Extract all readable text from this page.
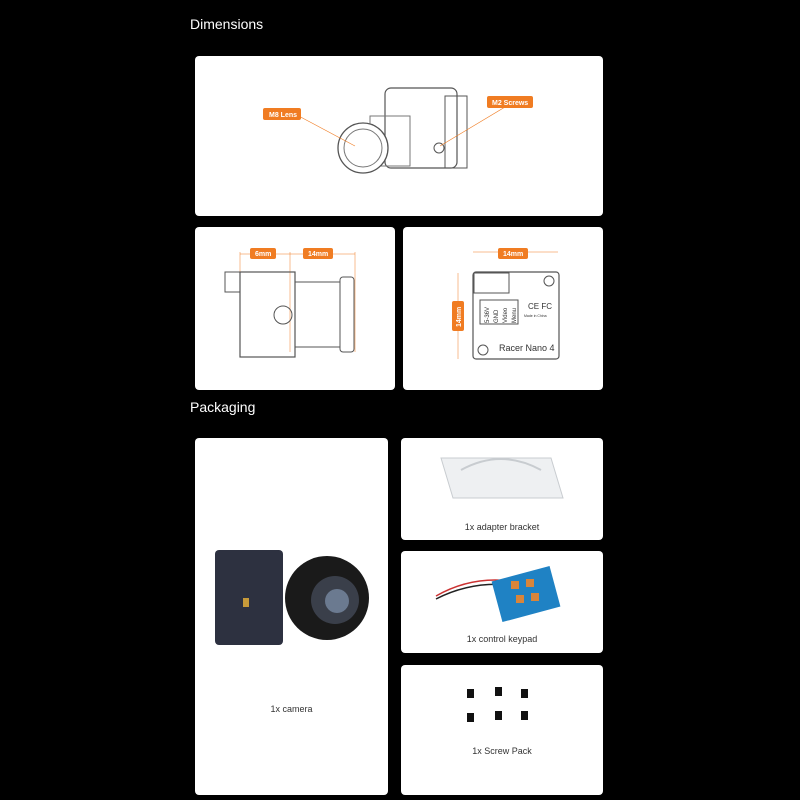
Dimensions
M8 Lens
M2 Screws
6mm	14mm	14mm
14mm
CE FC
Made in China
Racer Nano 4
5-36V GND Video Menu
Packaging
1x camera
1x adapter bracket
1x control keypad
1x Screw Pack
